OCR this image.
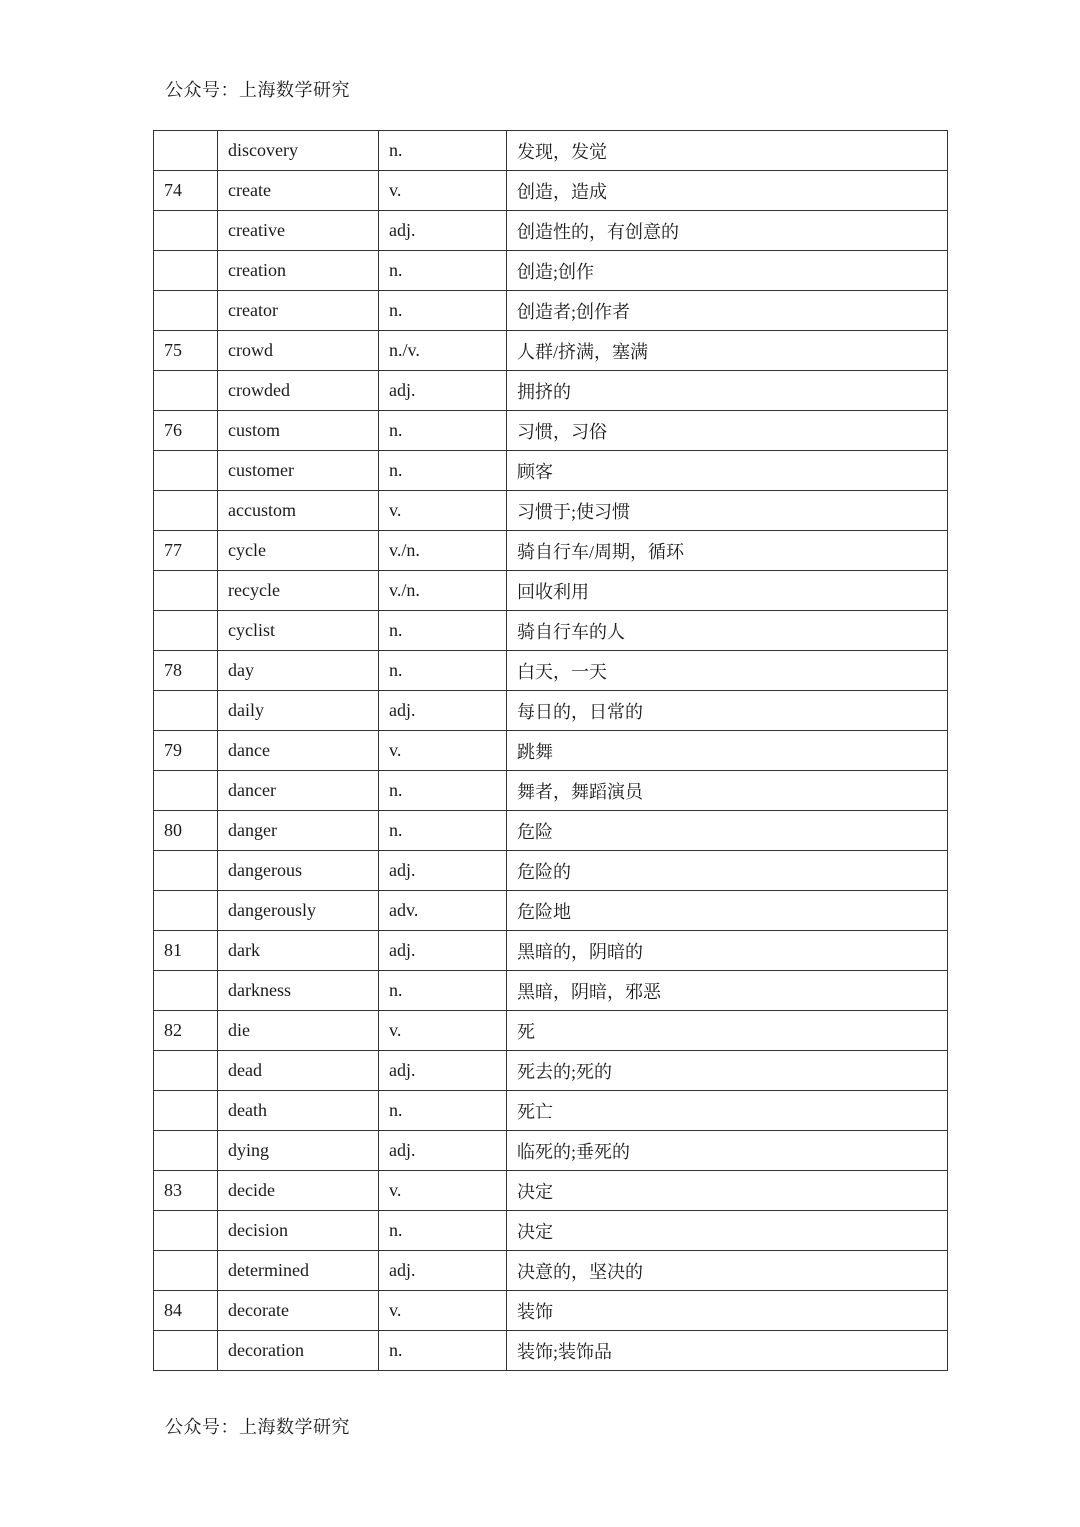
公众号：上海数学研究
	discovery	n.	发现，发觉
74	create	v.	创造，造成
	creative	adj.	创造性的，有创意的
	creation	n.	创造;创作
	creator	n.	创造者;创作者
75	crowd	n./v.	人群/挤满，塞满
	crowded	adj.	拥挤的
76	custom	n.	习惯，习俗
	customer	n.	顾客
	accustom	v.	习惯于;使习惯
77	cycle	v./n.	骑自行车/周期，循环
	recycle	v./n.	回收利用
	cyclist	n.	骑自行车的人
78	day	n.	白天，一天
	daily	adj.	每日的，日常的
79	dance	v.	跳舞
	dancer	n.	舞者，舞蹈演员
80	danger	n.	危险
	dangerous	adj.	危险的
	dangerously	adv.	危险地
81	dark	adj.	黑暗的，阴暗的
	darkness	n.	黑暗，阴暗，邪恶
82	die	v.	死
	dead	adj.	死去的;死的
	death	n.	死亡
	dying	adj.	临死的;垂死的
83	decide	v.	决定
	decision	n.	决定
	determined	adj.	决意的，坚决的
84	decorate	v.	装饰
	decoration	n.	装饰;装饰品
公众号：上海数学研究
